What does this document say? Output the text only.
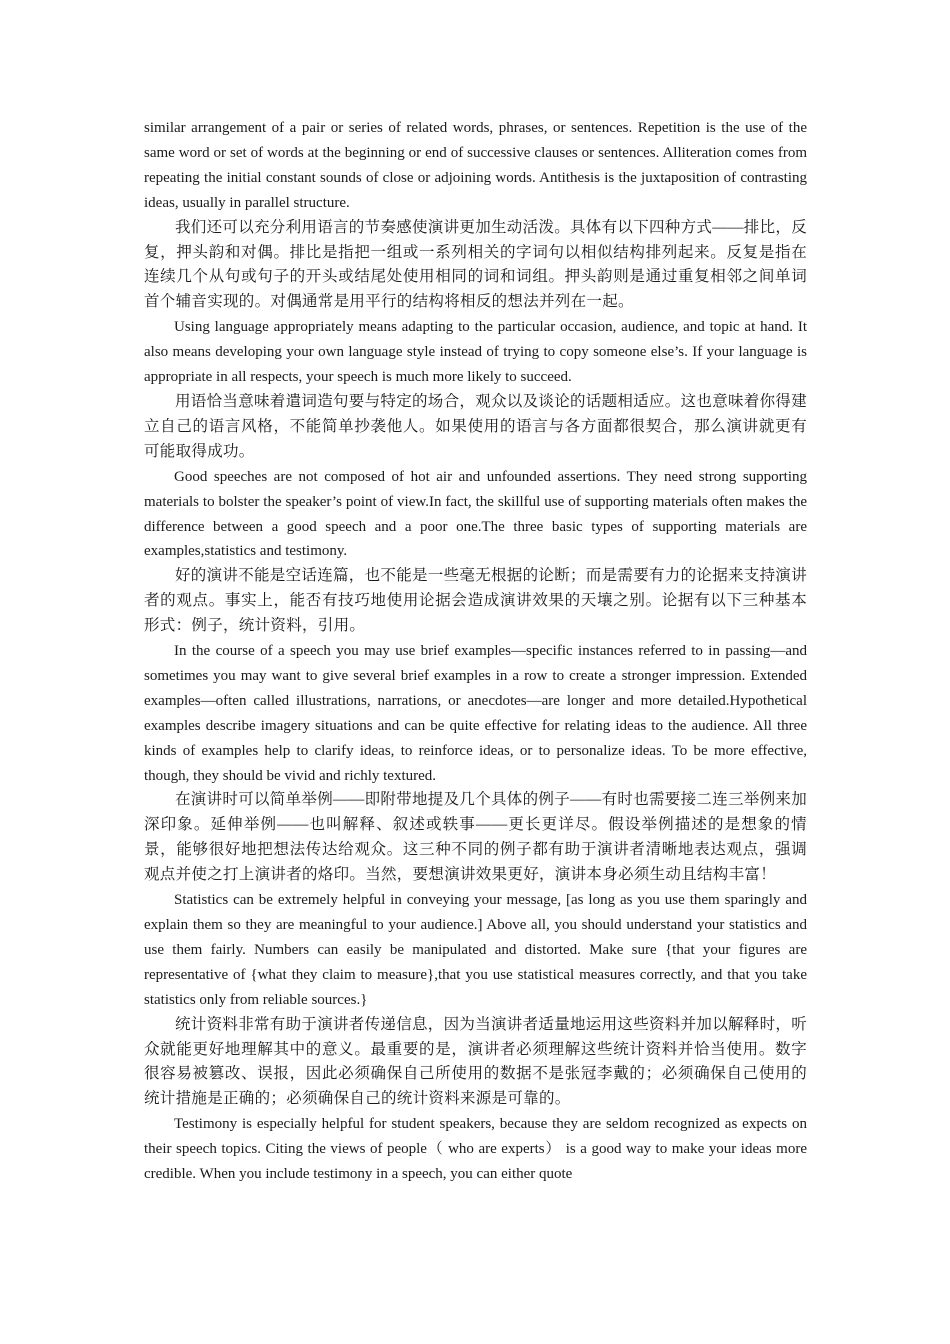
similar arrangement of a pair or series of related words, phrases, or sentences. Repetition is the use of the same word or set of words at the beginning or end of successive clauses or sentences. Alliteration comes from repeating the initial constant sounds of close or adjoining words. Antithesis is the juxtaposition of contrasting ideas, usually in parallel structure.

我们还可以充分利用语言的节奏感使演讲更加生动活泼。具体有以下四种方式——排比，反复，押头韵和对偶。排比是指把一组或一系列相关的字词句以相似结构排列起来。反复是指在连续几个从句或句子的开头或结尾处使用相同的词和词组。押头韵则是通过重复相邻之间单词首个辅音实现的。对偶通常是用平行的结构将相反的想法并列在一起。

Using language appropriately means adapting to the particular occasion, audience, and topic at hand. It also means developing your own language style instead of trying to copy someone else’s. If your language is appropriate in all respects, your speech is much more likely to succeed.

用语恰当意味着遣词造句要与特定的场合，观众以及谈论的话题相适应。这也意味着你得建立自己的语言风格，不能简单抄袭他人。如果使用的语言与各方面都很契合，那么演讲就更有可能取得成功。

Good speeches are not composed of hot air and unfounded assertions. They need strong supporting materials to bolster the speaker’s point of view.In fact, the skillful use of supporting materials often makes the difference between a good speech and a poor one.The three basic types of supporting materials are examples,statistics and testimony.

好的演讲不能是空话连篇，也不能是一些毫无根据的论断；而是需要有力的论据来支持演讲者的观点。事实上，能否有技巧地使用论据会造成演讲效果的天壤之别。论据有以下三种基本形式：例子，统计资料，引用。

In the course of a speech you may use brief examples—specific instances referred to in passing—and sometimes you may want to give several brief examples in a row to create a stronger impression. Extended examples—often called illustrations, narrations, or anecdotes—are longer and more detailed.Hypothetical examples describe imagery situations and can be quite effective for relating ideas to the audience. All three kinds of examples help to clarify ideas, to reinforce ideas, or to personalize ideas. To be more effective, though, they should be vivid and richly textured.

在演讲时可以简单举例——即附带地提及几个具体的例子——有时也需要接二连三举例来加深印象。延伸举例——也叫解释、叙述或轶事——更长更详尽。假设举例描述的是想象的情景，能够很好地把想法传达给观众。这三种不同的例子都有助于演讲者清晰地表达观点，强调观点并使之打上演讲者的烙印。当然，要想演讲效果更好，演讲本身必须生动且结构丰富！

Statistics can be extremely helpful in conveying your message, [as long as you use them sparingly and explain them so they are meaningful to your audience.] Above all, you should understand your statistics and use them fairly. Numbers can easily be manipulated and distorted. Make sure {that your figures are representative of {what they claim to measure},that you use statistical measures correctly, and that you take statistics only from reliable sources.}

统计资料非常有助于演讲者传递信息，因为当演讲者适量地运用这些资料并加以解释时，听众就能更好地理解其中的意义。最重要的是，演讲者必须理解这些统计资料并恰当使用。数字很容易被篡改、误报，因此必须确保自己所使用的数据不是张冠李戴的；必须确保自己使用的统计措施是正确的；必须确保自己的统计资料来源是可靠的。

Testimony is especially helpful for student speakers, because they are seldom recognized as expects on their speech topics. Citing the views of people（ who are experts） is a good way to make your ideas more credible. When you include testimony in a speech, you can either quote
